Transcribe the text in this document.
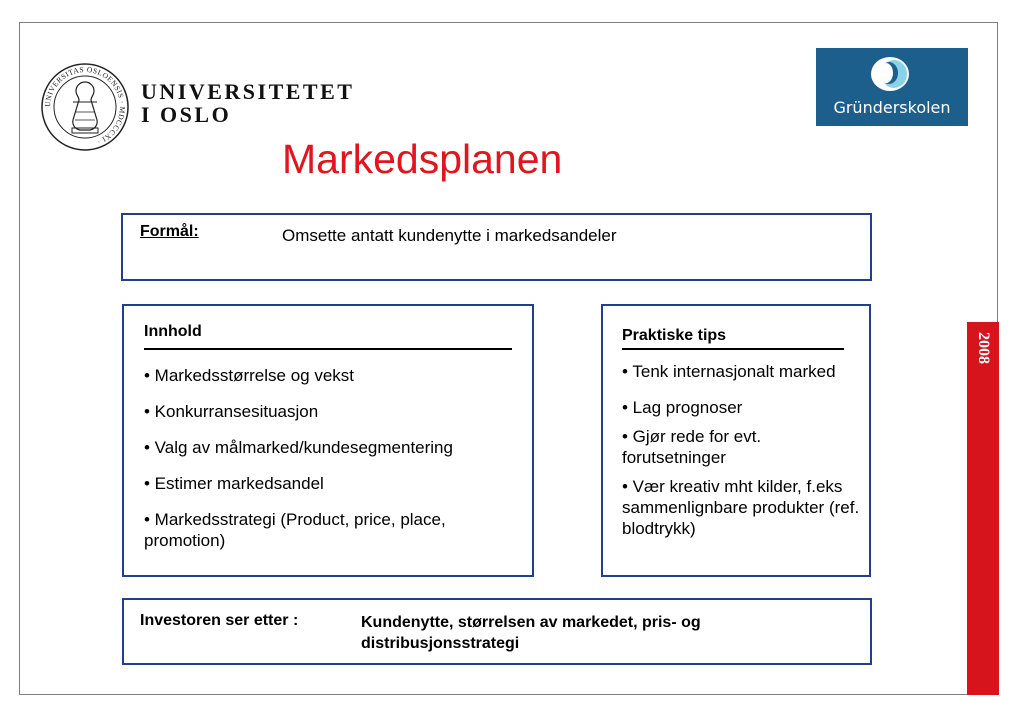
UNIVERSITAS OSLOENSIS · MDCCCXI ·
UNIVERSITETET
I OSLO	Gründerskolen
Markedsplanen
Formål:	Omsette antatt kundenytte i markedsandeler
Innhold
• Markedsstørrelse og vekst
• Konkurransesituasjon
• Valg av målmarked/kundesegmentering
• Estimer markedsandel
• Markedsstrategi (Product, price, place, promotion)
Praktiske tips
• Tenk internasjonalt marked
• Lag prognoser
• Gjør rede for evt. forutsetninger
• Vær kreativ mht kilder, f.eks sammenlignbare produkter (ref. blodtrykk)
Investoren ser etter :	Kundenytte, størrelsen av markedet, pris- og distribusjonsstrategi
2008
